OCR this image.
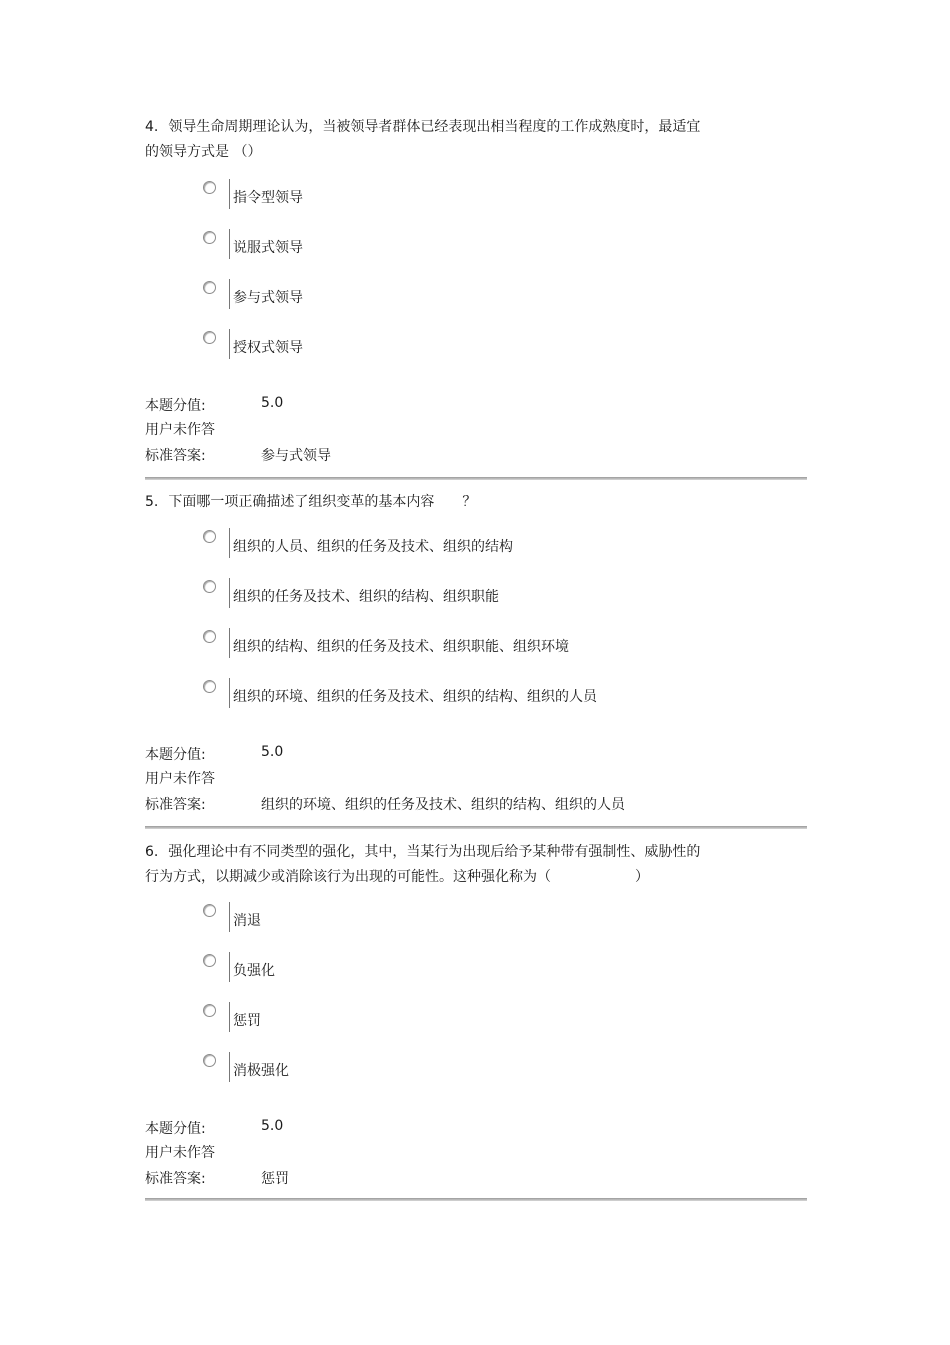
4. 领导生命周期理论认为，当被领导者群体已经表现出相当程度的工作成熟度时，最适宜
的领导方式是 （）
指令型领导
说服式领导
参与式领导
授权式领导
本题分值:	5.0
用户未作答
标准答案:	参与式领导
5. 下面哪一项正确描述了组织变革的基本内容　　？
组织的人员、组织的任务及技术、组织的结构
组织的任务及技术、组织的结构、组织职能
组织的结构、组织的任务及技术、组织职能、组织环境
组织的环境、组织的任务及技术、组织的结构、组织的人员
本题分值:	5.0
用户未作答
标准答案:	组织的环境、组织的任务及技术、组织的结构、组织的人员
6. 强化理论中有不同类型的强化，其中，当某行为出现后给予某种带有强制性、威胁性的
行为方式，以期减少或消除该行为出现的可能性。这种强化称为（　　　　　　）
消退
负强化
惩罚
消极强化
本题分值:	5.0
用户未作答
标准答案:	惩罚
